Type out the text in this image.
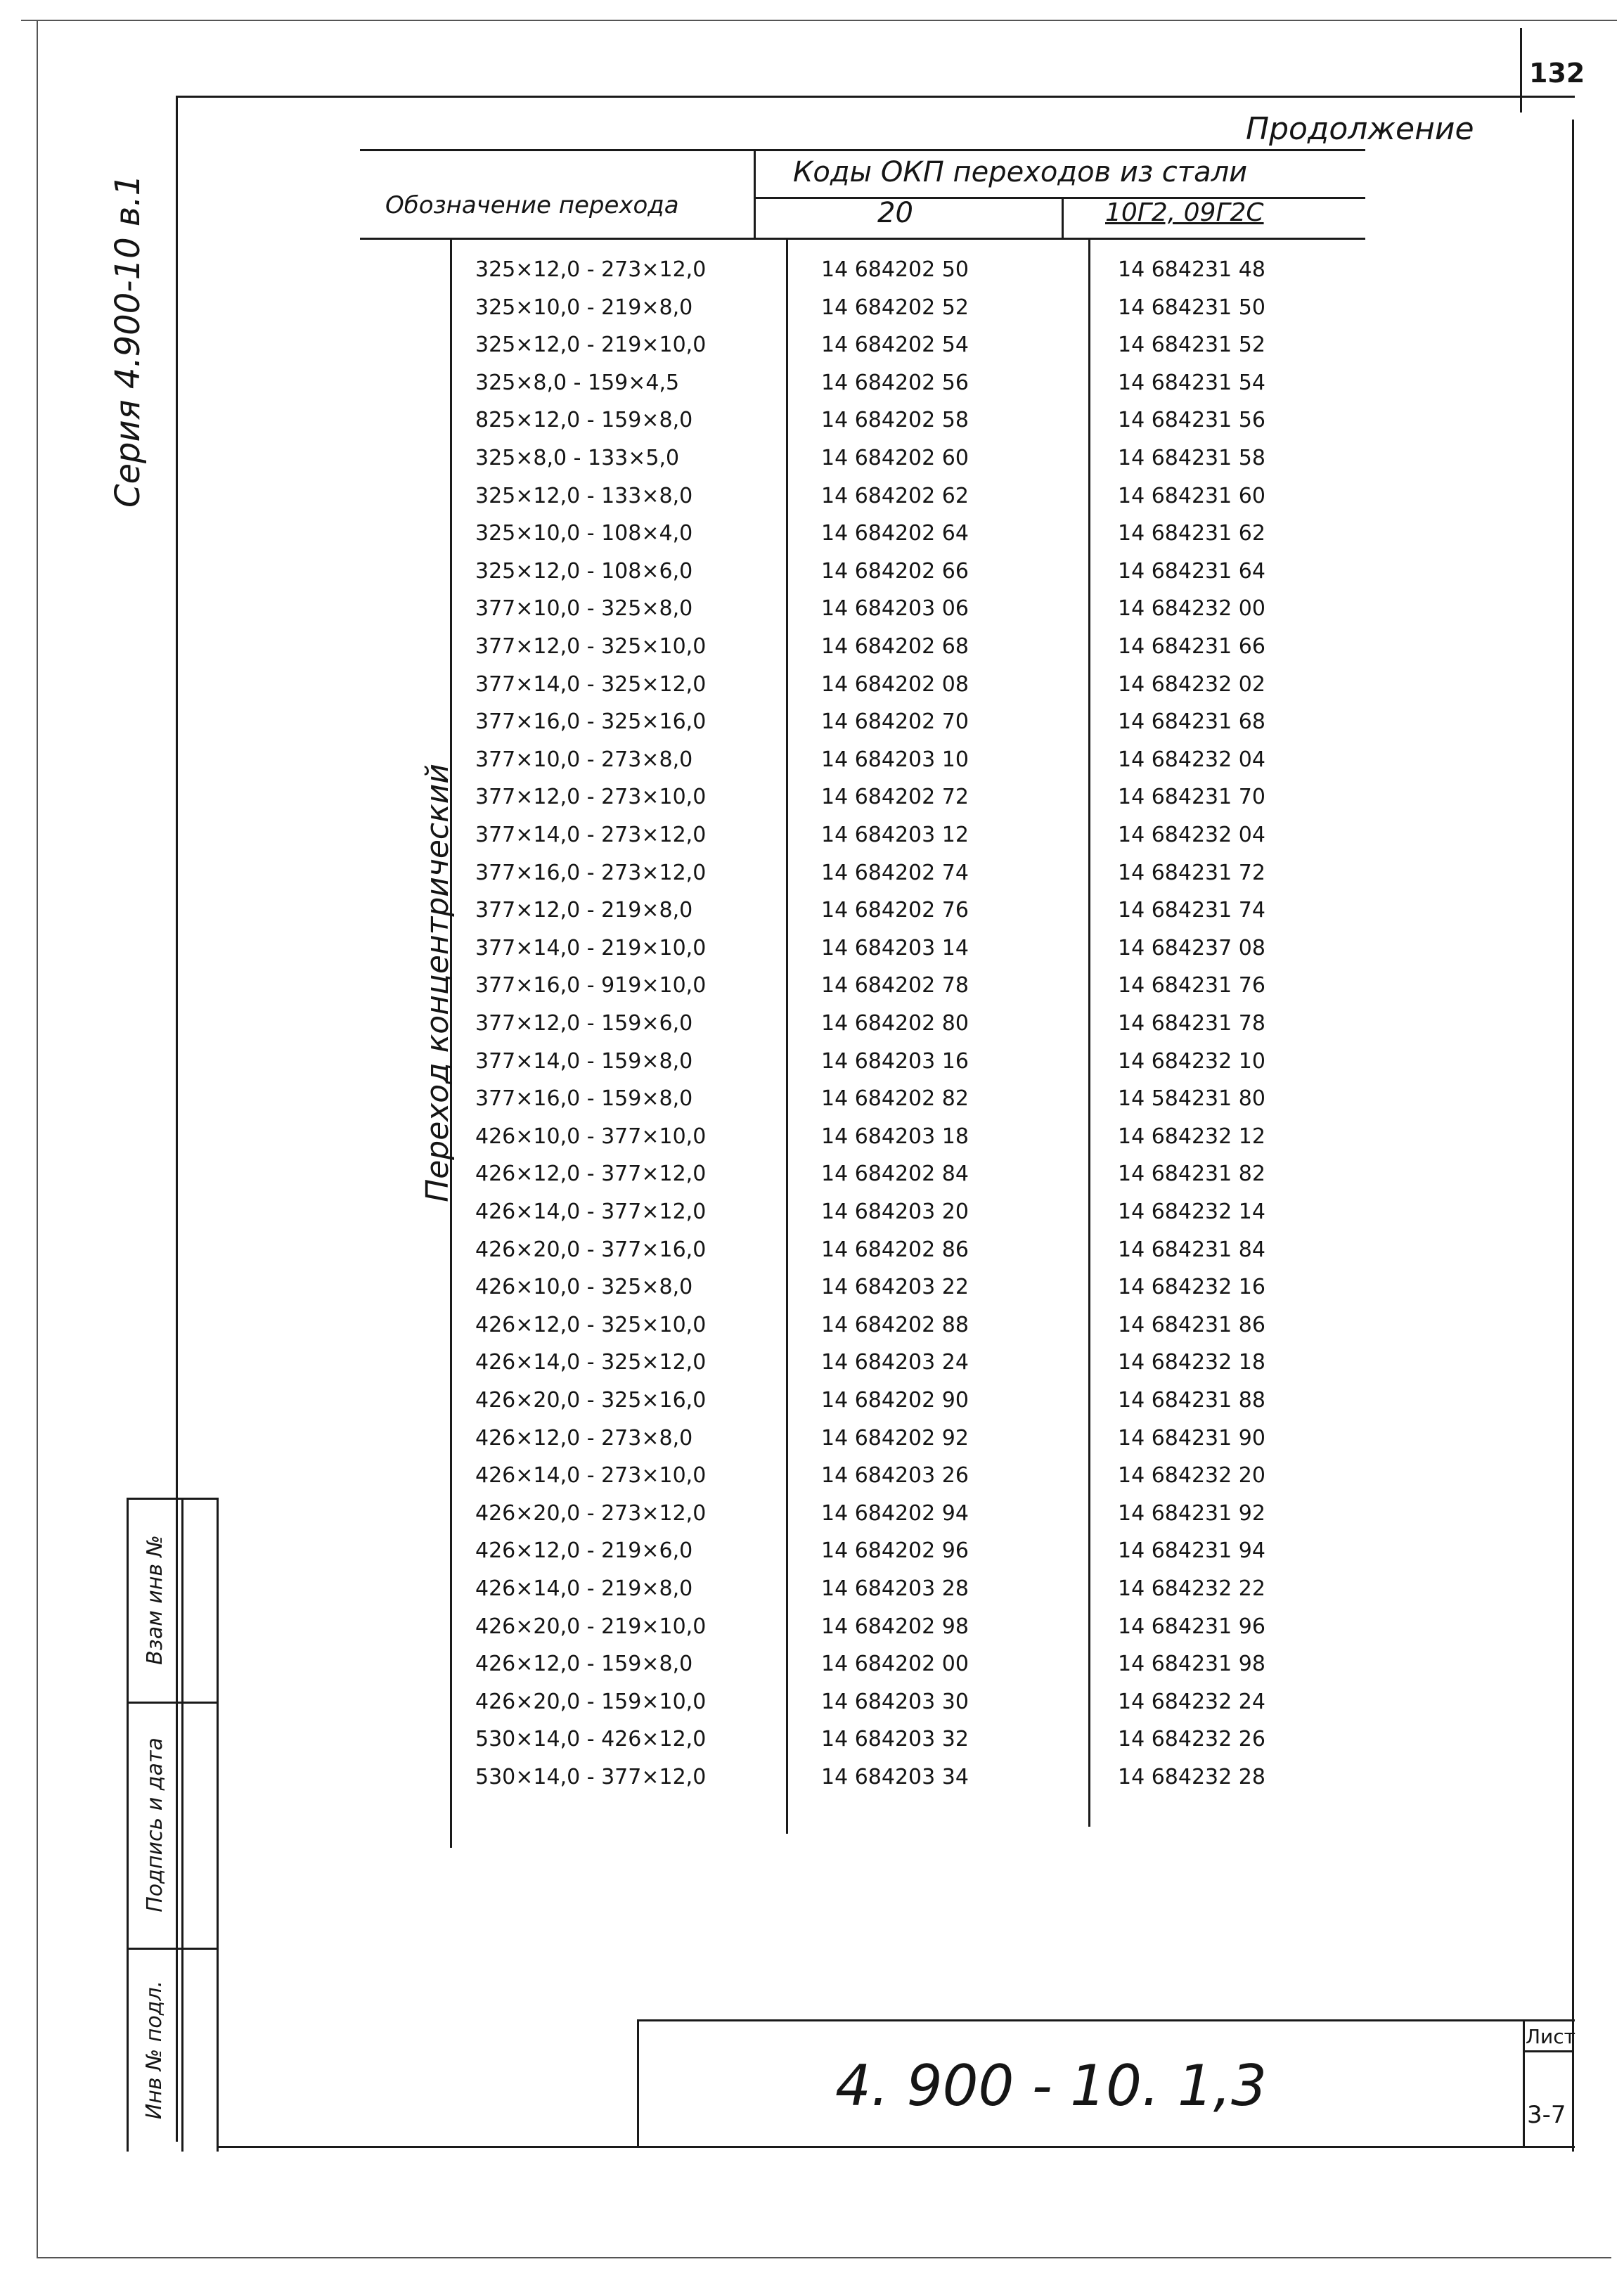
132
Серия 4.900-10 в.1
Продолжение
Обозначение перехода
Коды ОКП переходов из стали
20	10Г2, 09Г2С
Переход концентрический
325×12,0 - 273×12,0	14 684202 50	14 684231 48
325×10,0 - 219×8,0	14 684202 52	14 684231 50
325×12,0 - 219×10,0	14 684202 54	14 684231 52
325×8,0 - 159×4,5	14 684202 56	14 684231 54
825×12,0 - 159×8,0	14 684202 58	14 684231 56
325×8,0 - 133×5,0	14 684202 60	14 684231 58
325×12,0 - 133×8,0	14 684202 62	14 684231 60
325×10,0 - 108×4,0	14 684202 64	14 684231 62
325×12,0 - 108×6,0	14 684202 66	14 684231 64
377×10,0 - 325×8,0	14 684203 06	14 684232 00
377×12,0 - 325×10,0	14 684202 68	14 684231 66
377×14,0 - 325×12,0	14 684202 08	14 684232 02
377×16,0 - 325×16,0	14 684202 70	14 684231 68
377×10,0 - 273×8,0	14 684203 10	14 684232 04
377×12,0 - 273×10,0	14 684202 72	14 684231 70
377×14,0 - 273×12,0	14 684203 12	14 684232 04
377×16,0 - 273×12,0	14 684202 74	14 684231 72
377×12,0 - 219×8,0	14 684202 76	14 684231 74
377×14,0 - 219×10,0	14 684203 14	14 684237 08
377×16,0 - 919×10,0	14 684202 78	14 684231 76
377×12,0 - 159×6,0	14 684202 80	14 684231 78
377×14,0 - 159×8,0	14 684203 16	14 684232 10
377×16,0 - 159×8,0	14 684202 82	14 584231 80
426×10,0 - 377×10,0	14 684203 18	14 684232 12
426×12,0 - 377×12,0	14 684202 84	14 684231 82
426×14,0 - 377×12,0	14 684203 20	14 684232 14
426×20,0 - 377×16,0	14 684202 86	14 684231 84
426×10,0 - 325×8,0	14 684203 22	14 684232 16
426×12,0 - 325×10,0	14 684202 88	14 684231 86
426×14,0 - 325×12,0	14 684203 24	14 684232 18
426×20,0 - 325×16,0	14 684202 90	14 684231 88
426×12,0 - 273×8,0	14 684202 92	14 684231 90
426×14,0 - 273×10,0	14 684203 26	14 684232 20
426×20,0 - 273×12,0	14 684202 94	14 684231 92
426×12,0 - 219×6,0	14 684202 96	14 684231 94
426×14,0 - 219×8,0	14 684203 28	14 684232 22
426×20,0 - 219×10,0	14 684202 98	14 684231 96
426×12,0 - 159×8,0	14 684202 00	14 684231 98
426×20,0 - 159×10,0	14 684203 30	14 684232 24
530×14,0 - 426×12,0	14 684203 32	14 684232 26
530×14,0 - 377×12,0	14 684203 34	14 684232 28
Взам инв №
Подпись и дата
Инв № подл.	4. 900 - 10. 1,3
Лист
3-7
